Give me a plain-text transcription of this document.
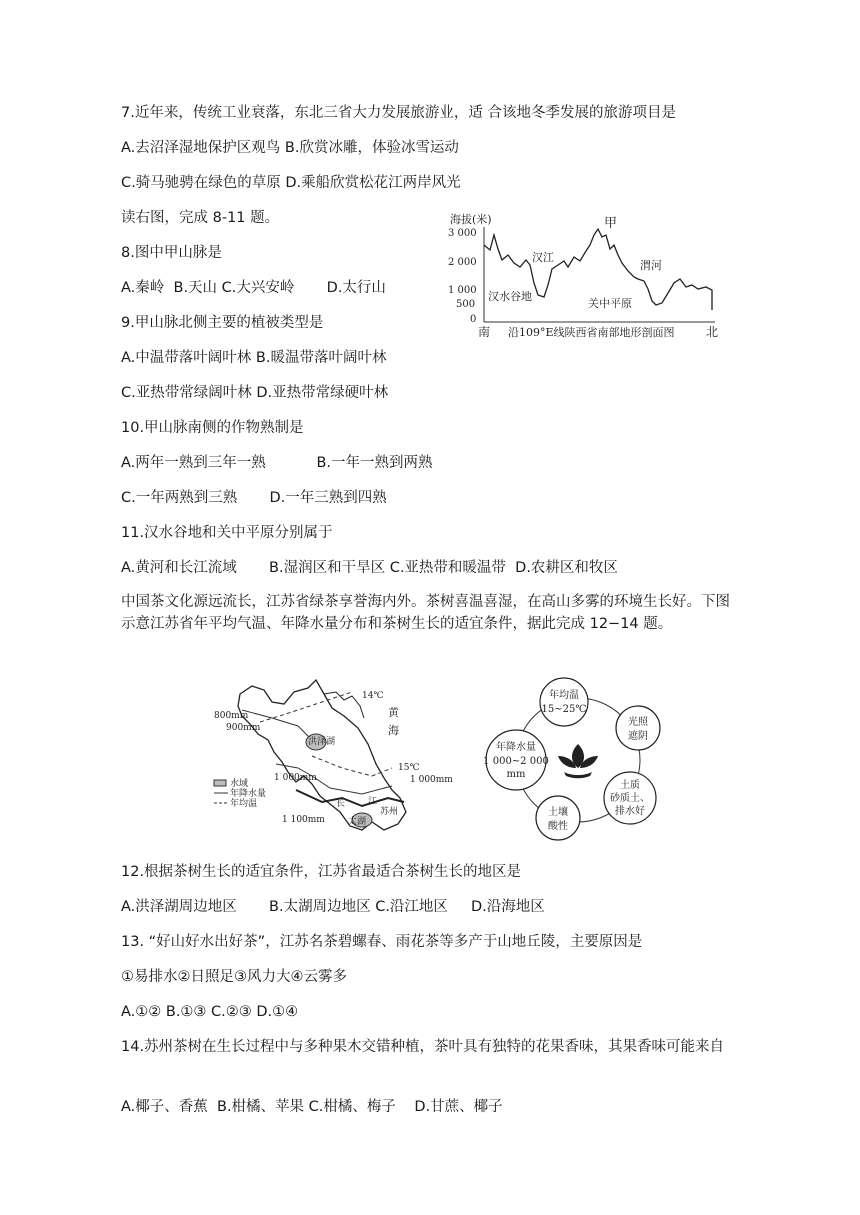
7.近年来，传统工业衰落，东北三省大力发展旅游业，适 合该地冬季发展的旅游项目是
A.去沼泽湿地保护区观鸟 B.欣赏冰雕，体验冰雪运动
C.骑马驰骋在绿色的草原 D.乘船欣赏松花江两岸风光
读右图，完成 8-11 题。
8.图中甲山脉是
A.秦岭  B.天山 C.大兴安岭       D.太行山
9.甲山脉北侧主要的植被类型是
A.中温带落叶阔叶林 B.暖温带落叶阔叶林
C.亚热带常绿阔叶林 D.亚热带常绿硬叶林
10.甲山脉南侧的作物熟制是
A.两年一熟到三年一熟           B.一年一熟到两熟
C.一年两熟到三熟       D.一年三熟到四熟
11.汉水谷地和关中平原分别属于
A.黄河和长江流域       B.湿润区和干旱区 C.亚热带和暖温带  D.农耕区和牧区
中国茶文化源远流长，江苏省绿茶享誉海内外。茶树喜温喜湿，在高山多雾的环境生长好。下图示意江苏省年平均气温、年降水量分布和茶树生长的适宜条件，据此完成 12−14 题。
海拔(米)
3 000
2 000
1 000
500
0
甲
汉江
渭河
汉水谷地
关中平原
南	北
沿109°E线陕西省南部地形剖面图
14℃
15℃
黄
海
800mm
900mm
1 000mm	1 000mm
1 100mm
洪泽湖
长	江
苏州
太湖
水域
年降水量
年均温
年均温
15~25℃
光照
遮阴
土质
砂质土、
排水好
土壤
酸性
年降水量
1 000~2 000
mm
12.根据茶树生长的适宜条件，江苏省最适合茶树生长的地区是
A.洪泽湖周边地区       B.太湖周边地区 C.沿江地区     D.沿海地区
13. “好山好水出好茶”，江苏名茶碧螺春、雨花茶等多产于山地丘陵，主要原因是
①易排水②日照足③风力大④云雾多
A.①② B.①③ C.②③ D.①④
14.苏州茶树在生长过程中与多种果木交错种植，茶叶具有独特的花果香味，其果香味可能来自
A.椰子、香蕉  B.柑橘、苹果 C.柑橘、梅子    D.甘蔗、椰子
